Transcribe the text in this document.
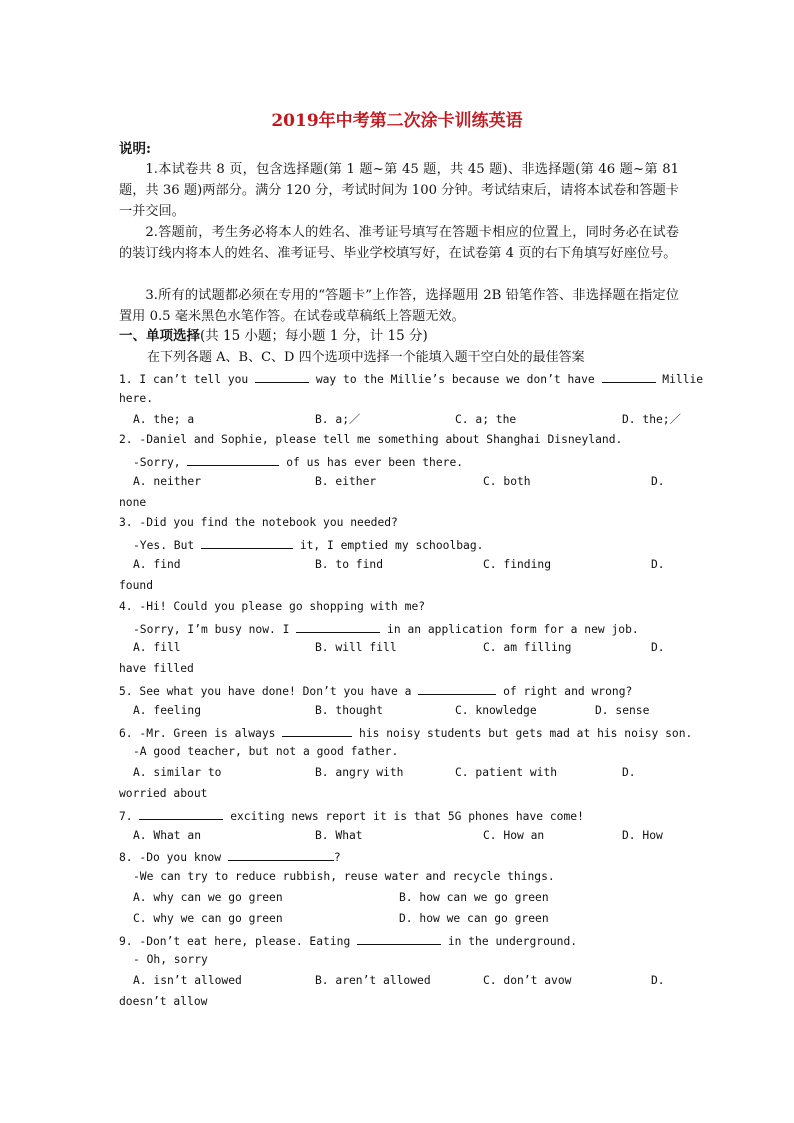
2019年中考第二次涂卡训练英语
说明:
1.本试卷共 8 页，包含选择题(第 1 题~第 45 题，共 45 题)、非选择题(第 46 题~第 81 题，共 36 题)两部分。满分 120 分，考试时间为 100 分钟。考试结束后，请将本试卷和答题卡一并交回。
2.答题前，考生务必将本人的姓名、准考证号填写在答题卡相应的位置上，同时务必在试卷的装订线内将本人的姓名、准考证号、毕业学校填写好，在试卷第 4 页的右下角填写好座位号。
3.所有的试题都必须在专用的“答题卡”上作答，选择题用 2B 铅笔作答、非选择题在指定位置用 0.5 毫米黑色水笔作答。在试卷或草稿纸上答题无效。
一、单项选择(共 15 小题；每小题 1 分，计 15 分)
在下列各题 A、B、C、D 四个选项中选择一个能填入题干空白处的最佳答案
1. I can’t tell you	way to the Millie’s because we don’t have	Millie
here.
A. the; a	B. a;／	C. a; the	D. the;／
2. -Daniel and Sophie, please tell me something about Shanghai Disneyland.
-Sorry,	of us has ever been there.
A. neither	B. either	C. both	D.
none
3. -Did you find the notebook you needed?
-Yes. But	it, I emptied my schoolbag.
A. find	B. to find	C. finding	D.
found
4. -Hi! Could you please go shopping with me?
-Sorry, I’m busy now. I	in an application form for a new job.
A. fill	B. will fill	C. am filling	D.
have filled
5. See what you have done! Don’t you have a	of right and wrong?
A. feeling	B. thought	C. knowledge	D. sense
6. -Mr. Green is always	his noisy students but gets mad at his noisy son.
-A good teacher, but not a good father.
A. similar to	B. angry with	C. patient with	D.
worried about
7.	exciting news report it is that 5G phones have come!
A. What an	B. What	C. How an	D. How
8. -Do you know	?
-We can try to reduce rubbish, reuse water and recycle things.
A. why can we go green	B. how can we go green
C. why we can go green	D. how we can go green
9. -Don’t eat here, please. Eating	in the underground.
- Oh, sorry
A. isn’t allowed	B. aren’t allowed	C. don’t avow	D.
doesn’t allow
